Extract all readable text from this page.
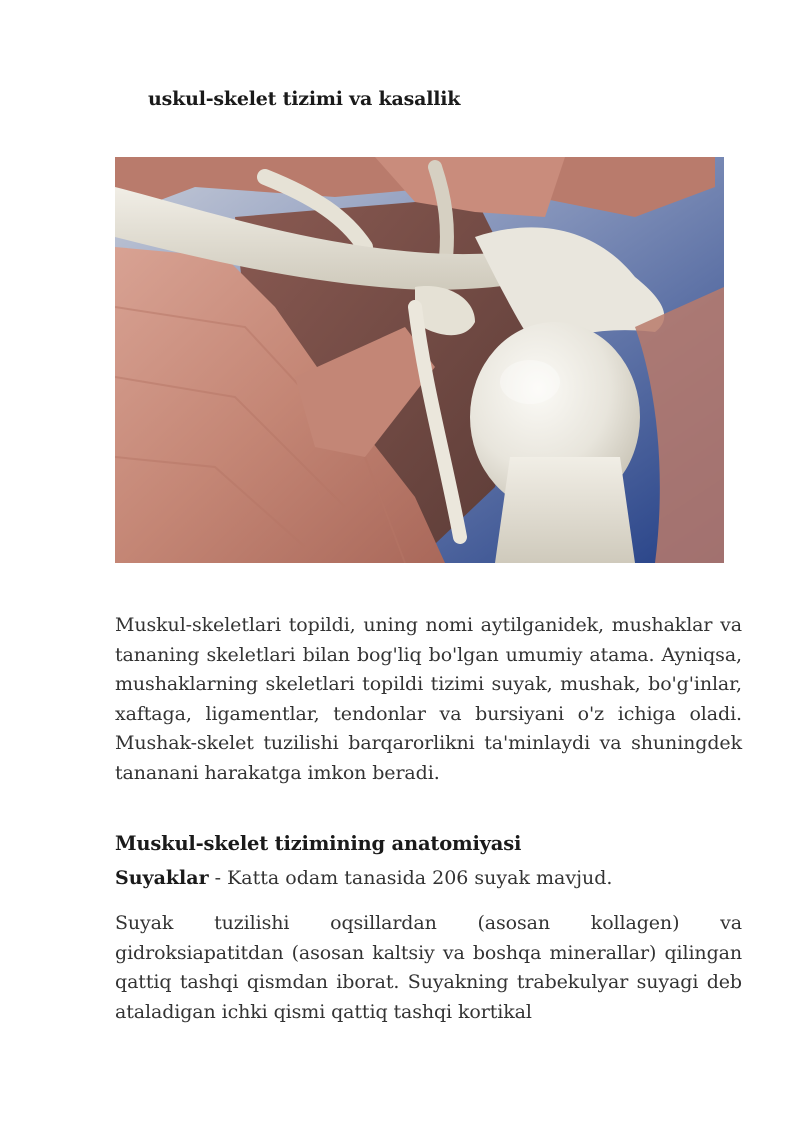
uskul-skelet tizimi va kasallik

Muskul-skeletlari topildi, uning nomi aytilganidek, mushaklar va tananing skeletlari bilan bog'liq bo'lgan umumiy atama. Ayniqsa, mushaklarning skeletlari topildi tizimi suyak, mushak, bo'g'inlar, xaftaga, ligamentlar, tendonlar va bursiyani o'z ichiga oladi. Mushak-skelet tuzilishi barqarorlikni ta'minlaydi va shuningdek tananani harakatga imkon beradi.

Muskul-skelet tizimining anatomiyasi

Suyaklar - Katta odam tanasida 206 suyak mavjud.

Suyak tuzilishi oqsillardan (asosan kollagen) va gidroksiapatitdan (asosan kaltsiy va boshqa minerallar) qilingan qattiq tashqi qismdan iborat. Suyakning trabekulyar suyagi deb ataladigan ichki qismi qattiq tashqi kortikal
